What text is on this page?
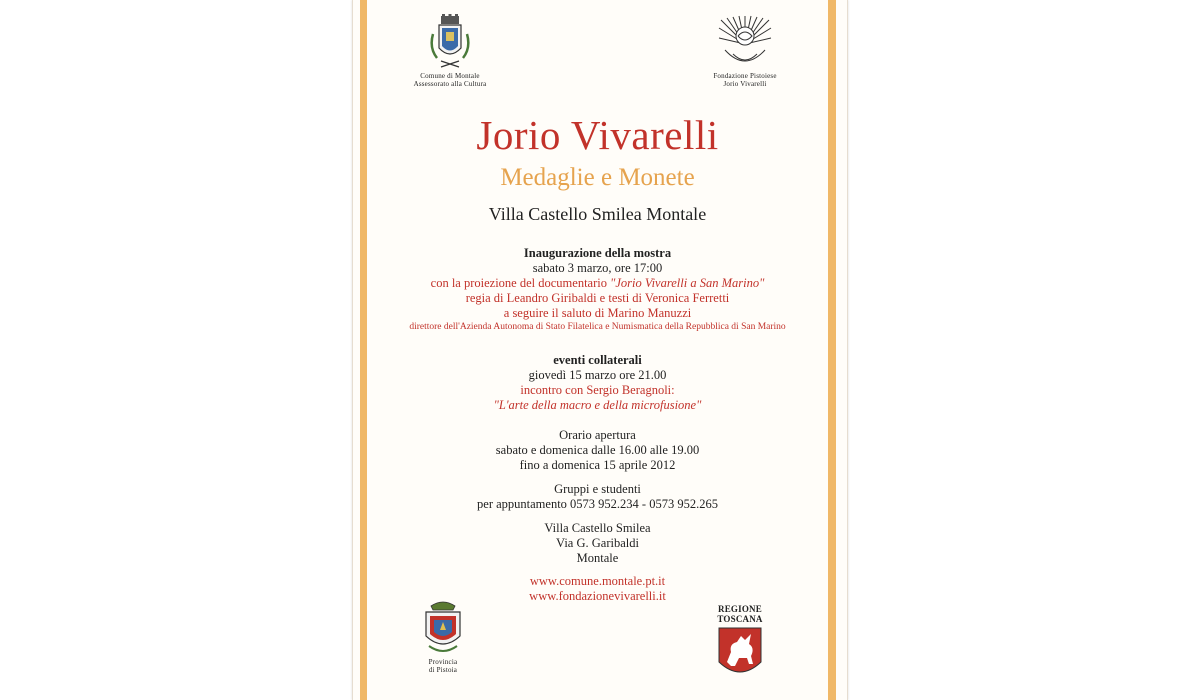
Comune di Montale
Assessorato alla Cultura
Fondazione Pistoiese
Jorio Vivarelli
Jorio Vivarelli
Medaglie e Monete
Villa Castello Smilea Montale
Inaugurazione della mostra
sabato 3 marzo, ore 17:00
con la proiezione del documentario "Jorio Vivarelli a San Marino"
regia di Leandro Giribaldi e testi di Veronica Ferretti
a seguire il saluto di Marino Manuzzi
direttore dell'Azienda Autonoma di Stato Filatelica e Numismatica della Repubblica di San Marino
eventi collaterali
giovedì 15 marzo ore 21.00
incontro con Sergio Beragnoli:
"L'arte della macro e della microfusione"
Orario apertura
sabato e domenica dalle 16.00 alle 19.00
fino a domenica 15 aprile 2012
Gruppi e studenti
per appuntamento 0573 952.234 - 0573 952.265
Villa Castello Smilea
Via G. Garibaldi
Montale
www.comune.montale.pt.it
www.fondazionevivarelli.it
Provincia
di Pistoia
REGIONE
TOSCANA
